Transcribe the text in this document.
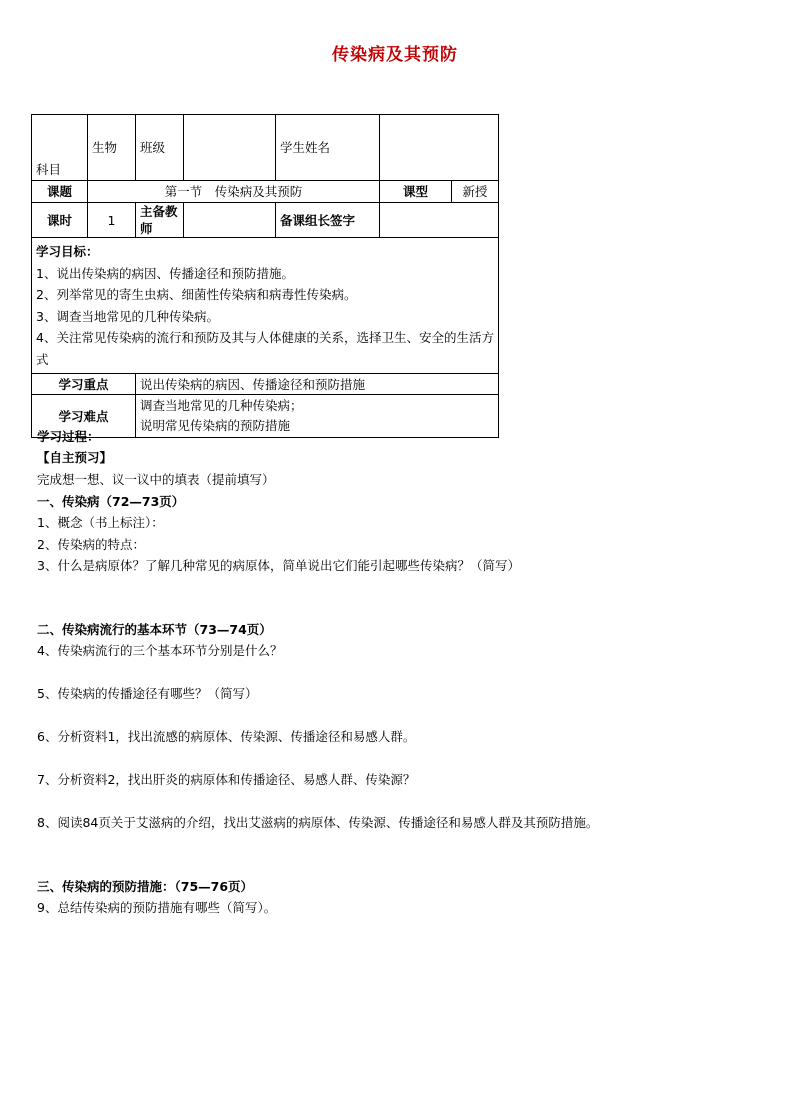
传染病及其预防
科目	生物	班级		学生姓名		
课题	第一节　传染病及其预防				课型	新授
课时	1	主备教师		备课组长签字		

学习目标：
1、说出传染病的病因、传播途径和预防措施。
2、列举常见的寄生虫病、细菌性传染病和病毒性传染病。
3、调查当地常见的几种传染病。
4、关注常见传染病的流行和预防及其与人体健康的关系，选择卫生、安全的生活方式						

学习重点		说出传染病的病因、传播途径和预防措施				
学习难点		调查当地常见的几种传染病；
说明常见传染病的预防措施				
学习过程：
【自主预习】
完成想一想、议一议中的填表（提前填写）
一、传染病（72—73页）
1、概念（书上标注）：
2、传染病的特点：
3、什么是病原体？了解几种常见的病原体，简单说出它们能引起哪些传染病？（简写）
二、传染病流行的基本环节（73—74页）
4、传染病流行的三个基本环节分别是什么？
5、传染病的传播途径有哪些？（简写）
6、分析资料1，找出流感的病原体、传染源、传播途径和易感人群。
7、分析资料2，找出肝炎的病原体和传播途径、易感人群、传染源？
8、阅读84页关于艾滋病的介绍，找出艾滋病的病原体、传染源、传播途径和易感人群及其预防措施。
三、传染病的预防措施：（75—76页）
9、总结传染病的预防措施有哪些（简写）。
